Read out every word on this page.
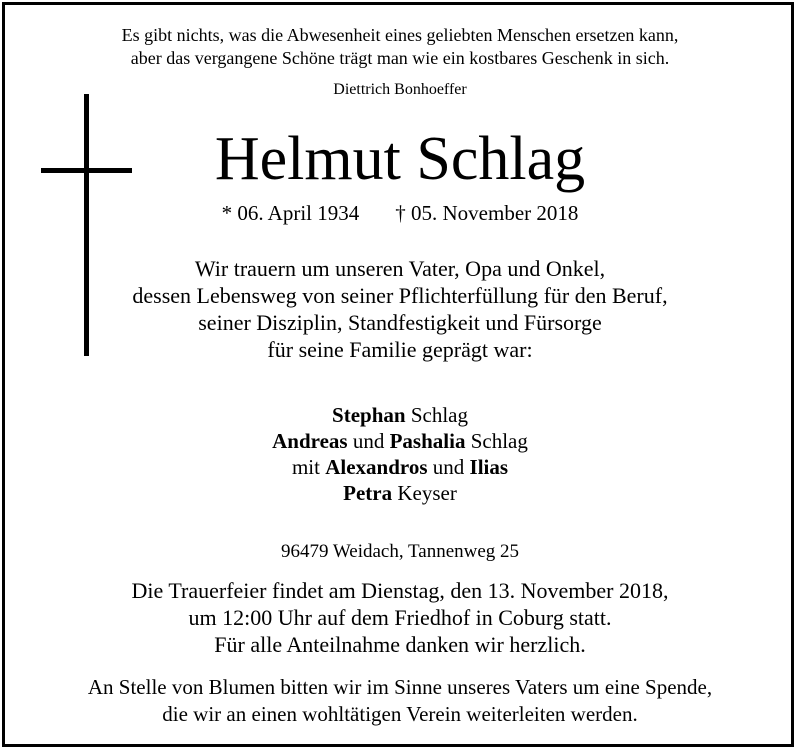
Es gibt nichts, was die Abwesenheit eines geliebten Menschen ersetzen kann,
aber das vergangene Schöne trägt man wie ein kostbares Geschenk in sich.
Diettrich Bonhoeffer
Helmut Schlag
* 06. April 1934 † 05. November 2018
Wir trauern um unseren Vater, Opa und Onkel,
dessen Lebensweg von seiner Pflichterfüllung für den Beruf,
seiner Disziplin, Standfestigkeit und Fürsorge
für seine Familie geprägt war:
Stephan Schlag
Andreas und Pashalia Schlag
mit Alexandros und Ilias
Petra Keyser
96479 Weidach, Tannenweg 25
Die Trauerfeier findet am Dienstag, den 13. November 2018,
um 12:00 Uhr auf dem Friedhof in Coburg statt.
Für alle Anteilnahme danken wir herzlich.
An Stelle von Blumen bitten wir im Sinne unseres Vaters um eine Spende,
die wir an einen wohltätigen Verein weiterleiten werden.
